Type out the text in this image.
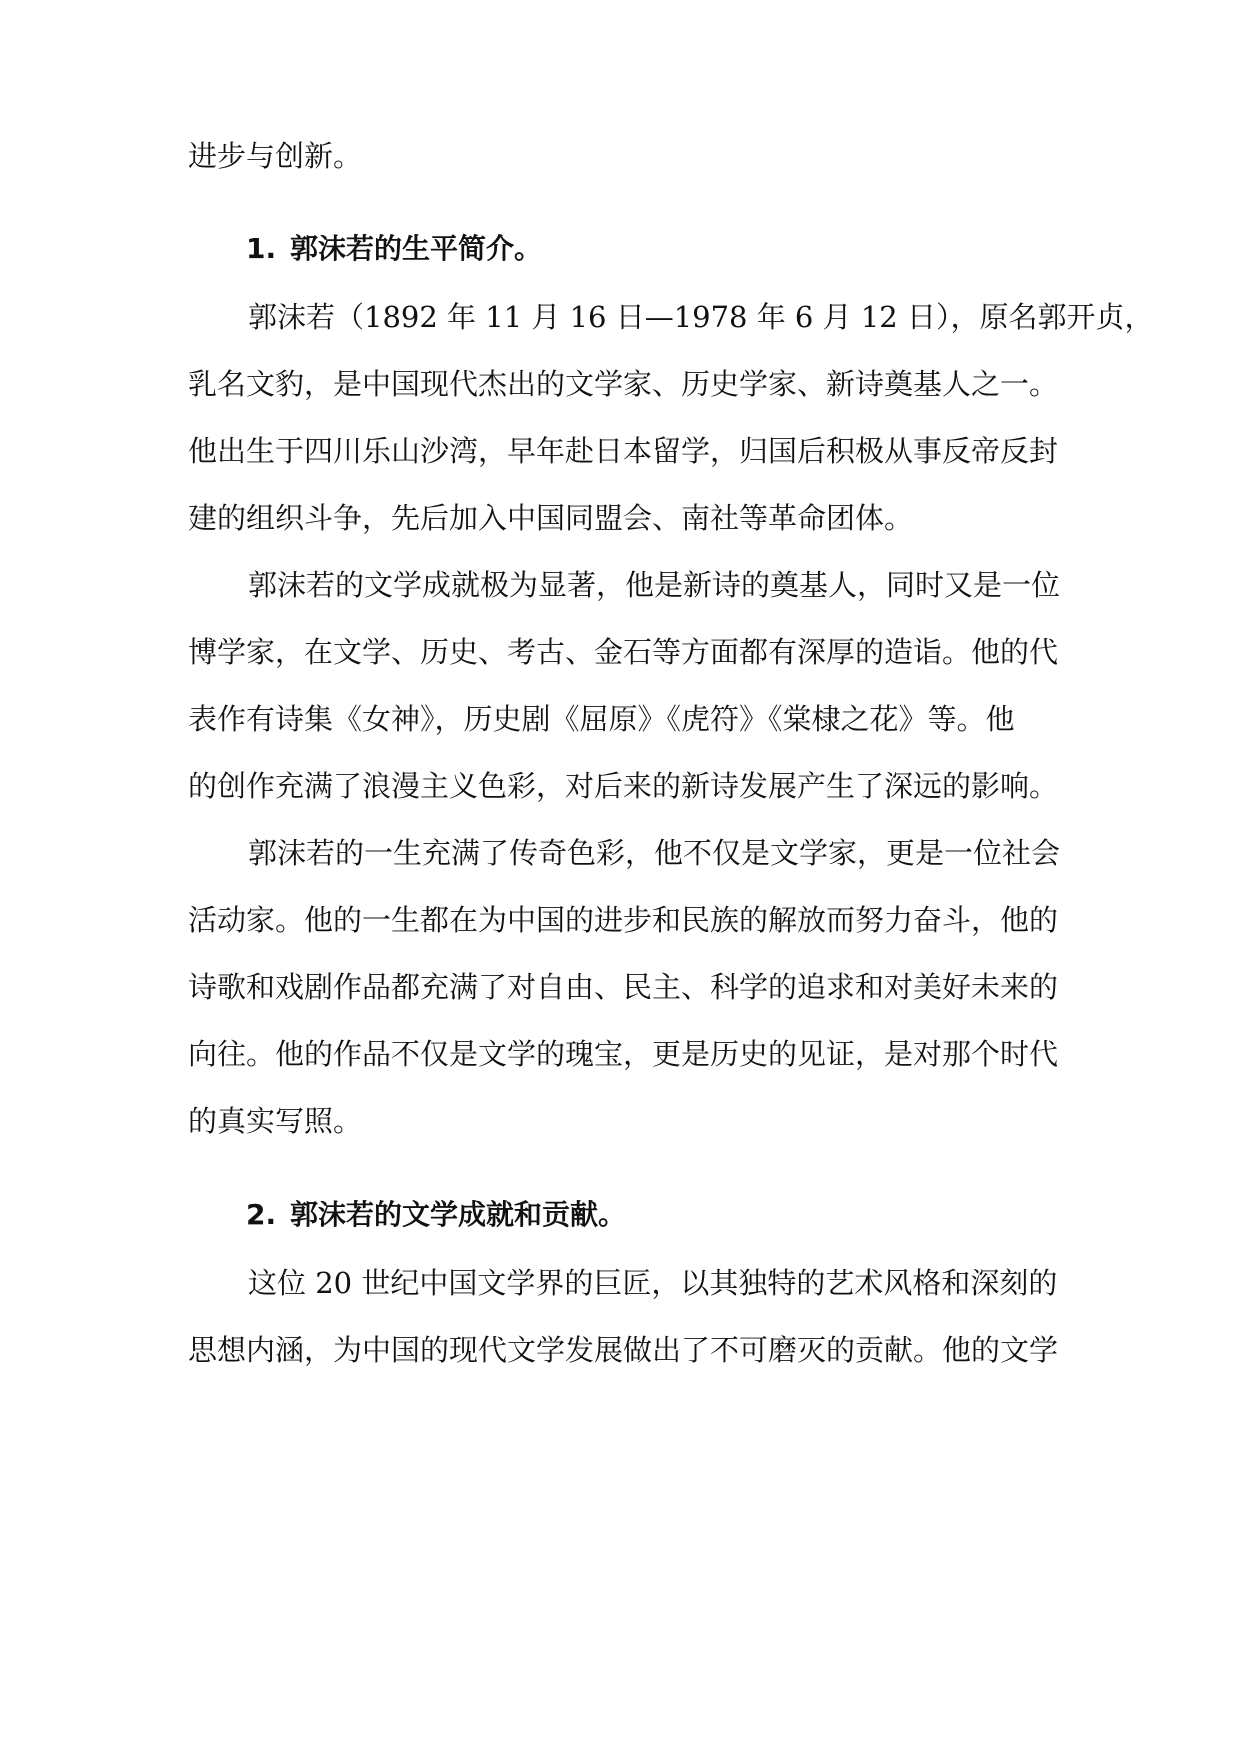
进步与创新。
1. 郭沫若的生平简介。
郭沫若（1892 年 11 月 16 日—1978 年 6 月 12 日），原名郭开贞，
乳名文豹，是中国现代杰出的文学家、历史学家、新诗奠基人之一。
他出生于四川乐山沙湾，早年赴日本留学，归国后积极从事反帝反封
建的组织斗争，先后加入中国同盟会、南社等革命团体。
郭沫若的文学成就极为显著，他是新诗的奠基人，同时又是一位
博学家，在文学、历史、考古、金石等方面都有深厚的造诣。他的代
表作有诗集《女神》，历史剧《屈原》《虎符》《棠棣之花》等。他
的创作充满了浪漫主义色彩，对后来的新诗发展产生了深远的影响。
郭沫若的一生充满了传奇色彩，他不仅是文学家，更是一位社会
活动家。他的一生都在为中国的进步和民族的解放而努力奋斗，他的
诗歌和戏剧作品都充满了对自由、民主、科学的追求和对美好未来的
向往。他的作品不仅是文学的瑰宝，更是历史的见证，是对那个时代
的真实写照。
2. 郭沫若的文学成就和贡献。
这位 20 世纪中国文学界的巨匠，以其独特的艺术风格和深刻的
思想内涵，为中国的现代文学发展做出了不可磨灭的贡献。他的文学
